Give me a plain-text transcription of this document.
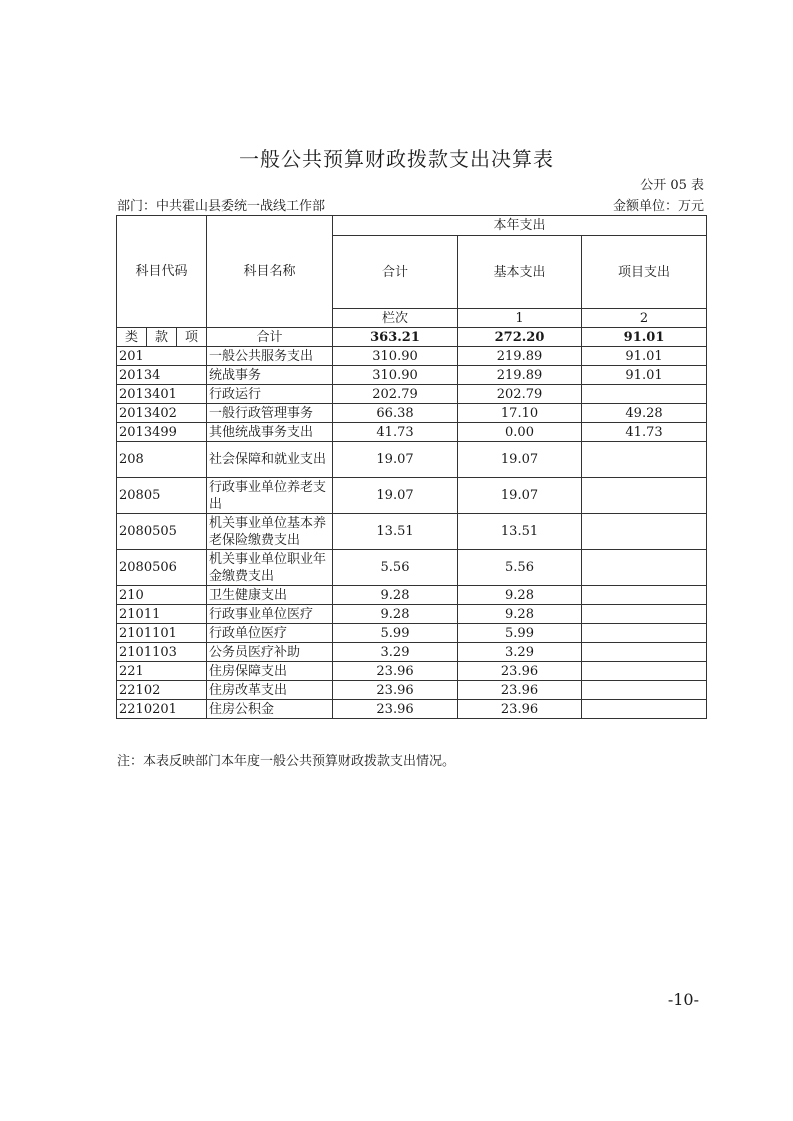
一般公共预算财政拨款支出决算表
公开 05 表
部门：中共霍山县委统一战线工作部	金额单位：万元
科目代码			科目名称	本年支出			
				合计	基本支出	项目支出	
				栏次	1	2	
类	款	项	合计	363.21	272.20	91.01	
201			一般公共服务支出	310.90	219.89	91.01	
20134			统战事务	310.90	219.89	91.01	
2013401			行政运行	202.79	202.79		
2013402			一般行政管理事务	66.38	17.10	49.28	
2013499			其他统战事务支出	41.73	0.00	41.73	
208			社会保障和就业支出	19.07	19.07		
20805			行政事业单位养老支出	19.07	19.07		
2080505			机关事业单位基本养老保险缴费支出	13.51	13.51		
2080506			机关事业单位职业年金缴费支出	5.56	5.56		
210			卫生健康支出	9.28	9.28		
21011			行政事业单位医疗	9.28	9.28		
2101101			行政单位医疗	5.99	5.99		
2101103			公务员医疗补助	3.29	3.29		
221			住房保障支出	23.96	23.96		
22102			住房改革支出	23.96	23.96		
2210201			住房公积金	23.96	23.96		
注：本表反映部门本年度一般公共预算财政拨款支出情况。
-10-
